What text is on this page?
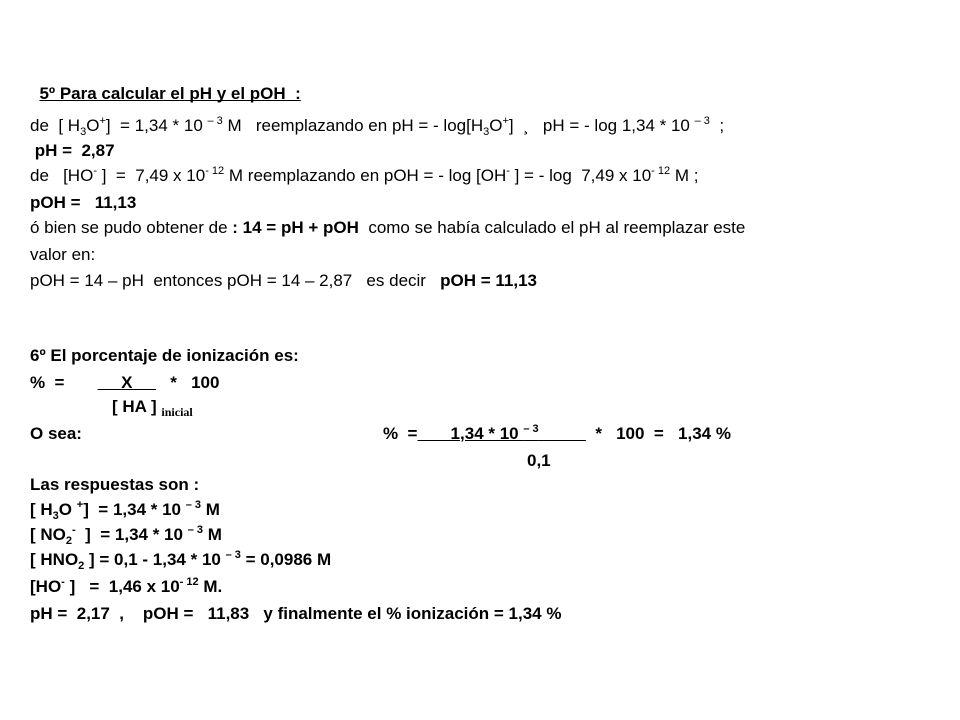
5º Para calcular el pH y el pOH  :

de  [ $H_3O^+] = 1,34 * 10$ $^{- 3}$ M   reemplazando en pH = - $\log[H_3O^+]$  ¸   pH = - log 1,34 * 10 $^{- 3}$  ;
pH =  2,87
de   [HO- ]  =  7,49 x $10^{- 12}$ M reemplazando en pOH = - log [OH- ] = - log  7,49 x $10^{- 12}$ M ;
pOH =   11,13
ó bien se pudo obtener de : 14 = pH + pOH  como se había calculado el pH al reemplazar este
valor en:
pOH = 14 – pH  entonces pOH = 14 – 2,87   es decir   pOH = 11,13
6º El porcentaje de ionización es:
%  =            X        *   100
[ HA ] $_{inicial}$
O sea:	%  =       1,34 * 10 $^{- 3}$	*   100  =   1,34 %
0,1
Las respuestas son :
[ $H_3O$ +]  = 1,34 * 10 $^{- 3}$ M
[ $NO_2^-$  ]  = 1,34 * 10 $^{- 3}$ M
[ $HNO_2$ ] = 0,1 - 1,34 * 10 $^{- 3}$ = 0,0986 M
[HO- ]   =  1,46 x $10^{- 12}$ M.
pH =  2,17  ,    pOH =   11,83   y finalmente el % ionización = 1,34 %
